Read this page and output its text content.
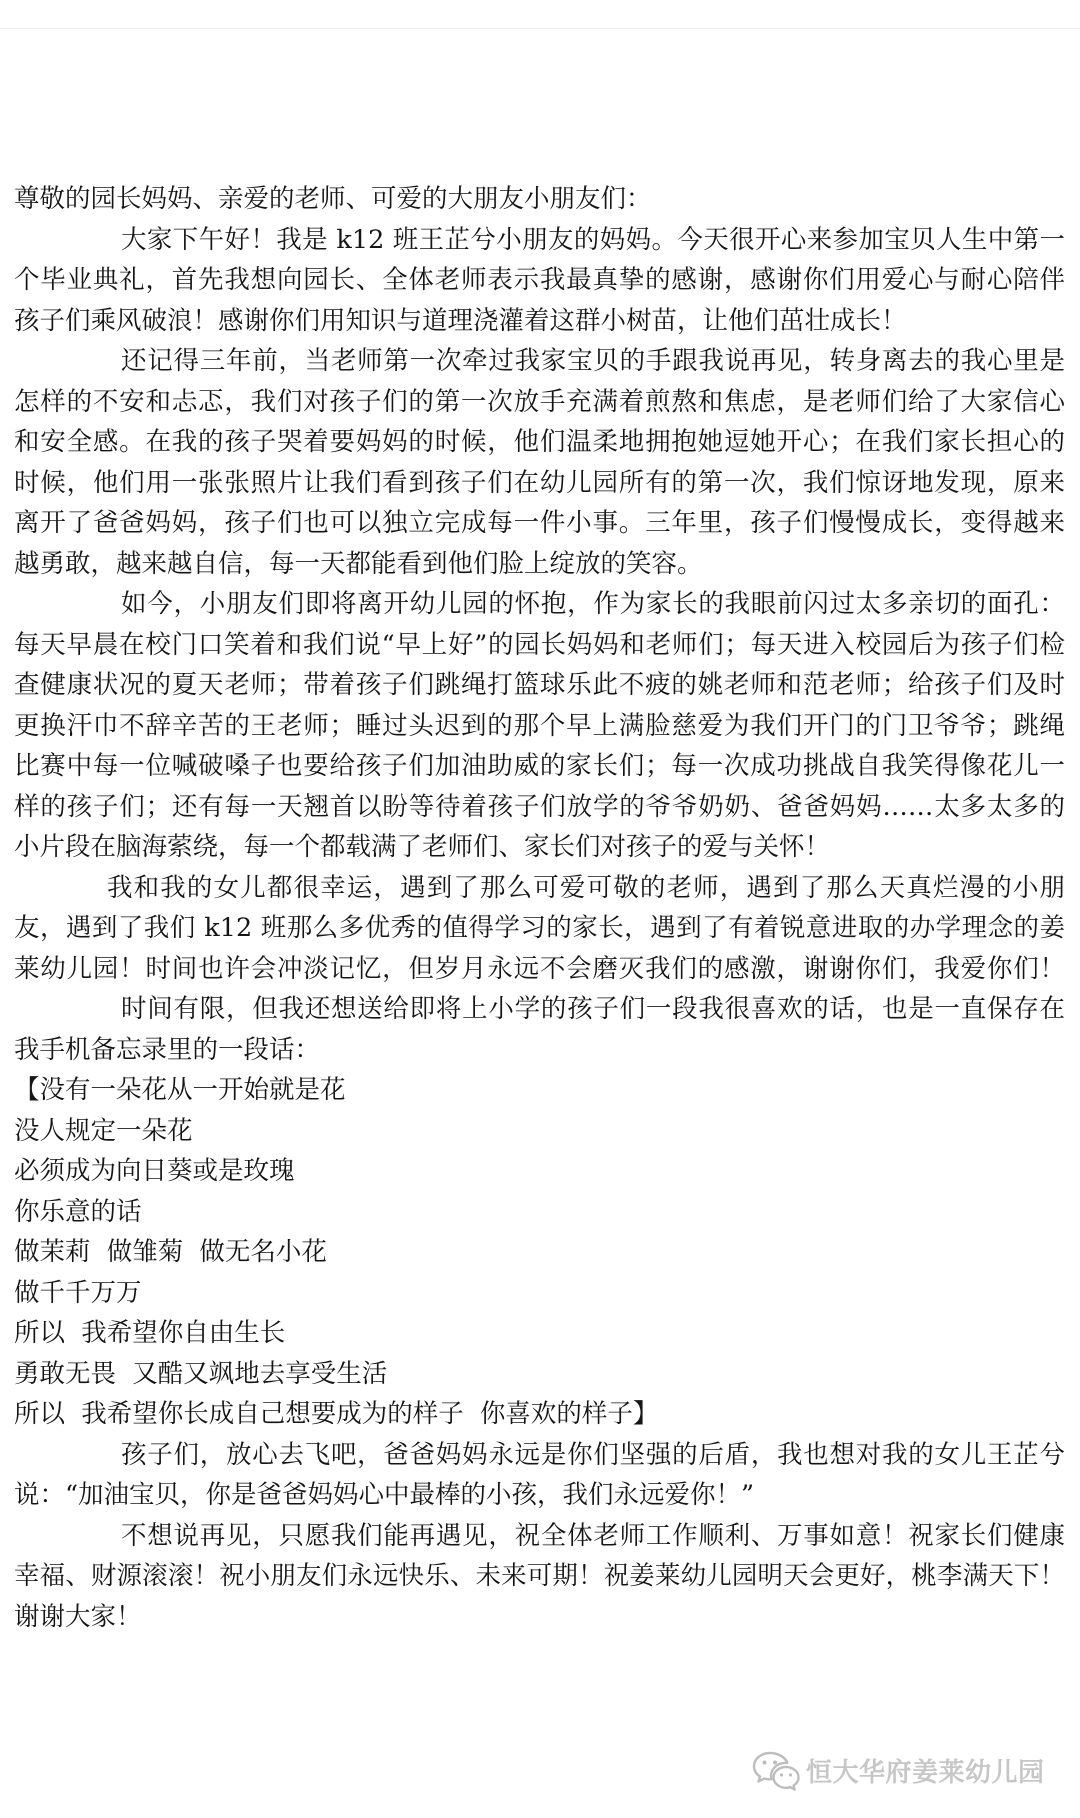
尊敬的园长妈妈、亲爱的老师、可爱的大朋友小朋友们：
大家下午好！我是 k12 班王芷兮小朋友的妈妈。今天很开心来参加宝贝人生中第一
个毕业典礼，首先我想向园长、全体老师表示我最真挚的感谢，感谢你们用爱心与耐心陪伴
孩子们乘风破浪！感谢你们用知识与道理浇灌着这群小树苗，让他们茁壮成长！
还记得三年前，当老师第一次牵过我家宝贝的手跟我说再见，转身离去的我心里是
怎样的不安和忐忑，我们对孩子们的第一次放手充满着煎熬和焦虑，是老师们给了大家信心
和安全感。在我的孩子哭着要妈妈的时候，他们温柔地拥抱她逗她开心；在我们家长担心的
时候，他们用一张张照片让我们看到孩子们在幼儿园所有的第一次，我们惊讶地发现，原来
离开了爸爸妈妈，孩子们也可以独立完成每一件小事。三年里，孩子们慢慢成长，变得越来
越勇敢，越来越自信，每一天都能看到他们脸上绽放的笑容。
如今，小朋友们即将离开幼儿园的怀抱，作为家长的我眼前闪过太多亲切的面孔：
每天早晨在校门口笑着和我们说“早上好”的园长妈妈和老师们；每天进入校园后为孩子们检
查健康状况的夏天老师；带着孩子们跳绳打篮球乐此不疲的姚老师和范老师；给孩子们及时
更换汗巾不辞辛苦的王老师；睡过头迟到的那个早上满脸慈爱为我们开门的门卫爷爷；跳绳
比赛中每一位喊破嗓子也要给孩子们加油助威的家长们；每一次成功挑战自我笑得像花儿一
样的孩子们；还有每一天翘首以盼等待着孩子们放学的爷爷奶奶、爸爸妈妈……太多太多的
小片段在脑海萦绕，每一个都载满了老师们、家长们对孩子的爱与关怀！
我和我的女儿都很幸运，遇到了那么可爱可敬的老师，遇到了那么天真烂漫的小朋
友，遇到了我们 k12 班那么多优秀的值得学习的家长，遇到了有着锐意进取的办学理念的姜
莱幼儿园！时间也许会冲淡记忆，但岁月永远不会磨灭我们的感激，谢谢你们，我爱你们！
时间有限，但我还想送给即将上小学的孩子们一段我很喜欢的话，也是一直保存在
我手机备忘录里的一段话：
【没有一朵花从一开始就是花
没人规定一朵花
必须成为向日葵或是玫瑰
你乐意的话
做茉莉  做雏菊  做无名小花
做千千万万
所以  我希望你自由生长
勇敢无畏  又酷又飒地去享受生活
所以  我希望你长成自己想要成为的样子  你喜欢的样子】
孩子们，放心去飞吧，爸爸妈妈永远是你们坚强的后盾，我也想对我的女儿王芷兮
说：“加油宝贝，你是爸爸妈妈心中最棒的小孩，我们永远爱你！”
不想说再见，只愿我们能再遇见，祝全体老师工作顺利、万事如意！祝家长们健康
幸福、财源滚滚！祝小朋友们永远快乐、未来可期！祝姜莱幼儿园明天会更好，桃李满天下！
谢谢大家！
恒大华府姜莱幼儿园
